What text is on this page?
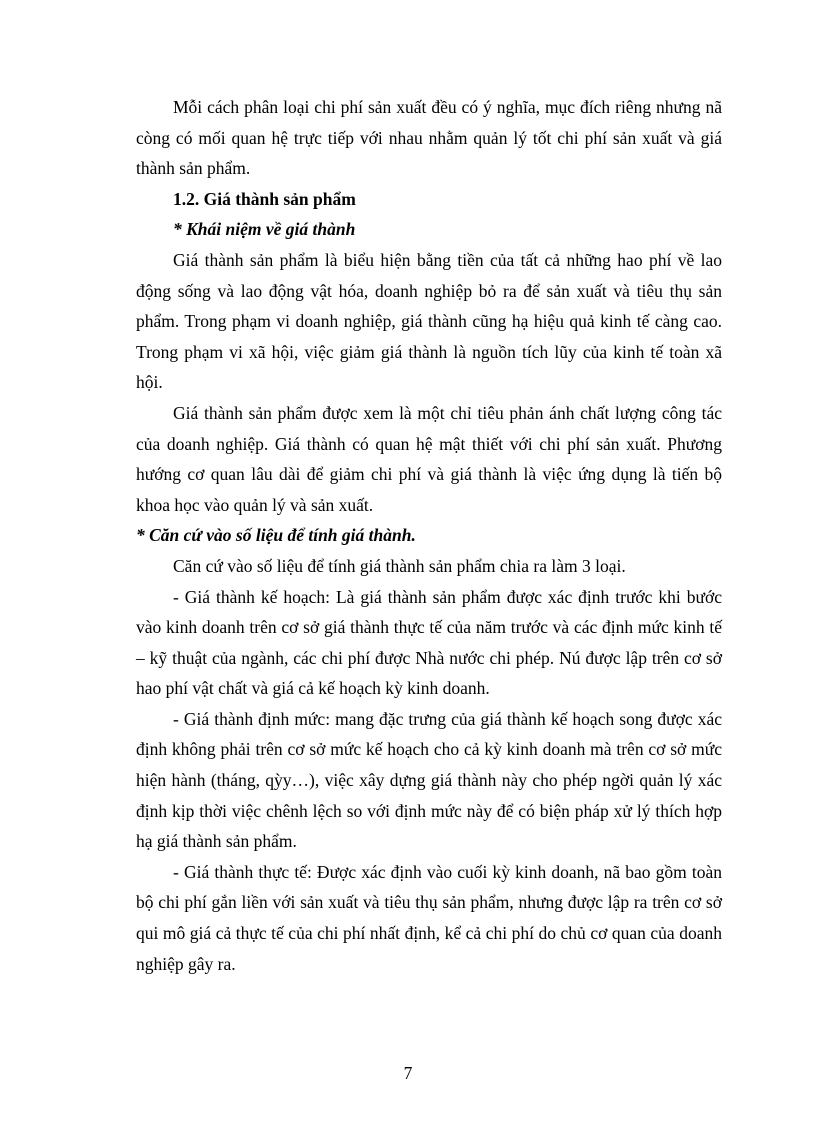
Mỗi cách phân loại chi phí sản xuất đều có ý nghĩa, mục đích riêng nhưng nã còng có mối quan hệ trực tiếp với nhau nhằm quản lý tốt chi phí sản xuất và giá thành sản phẩm.

1.2. Giá thành sản phẩm

* Khái niệm về giá thành

Giá thành sản phẩm là biểu hiện bằng tiền của tất cả những hao phí về lao động sống và lao động vật hóa, doanh nghiệp bỏ ra để sản xuất và tiêu thụ sản phẩm. Trong phạm vi doanh nghiệp, giá thành cũng hạ hiệu quả kinh tế càng cao. Trong phạm vi xã hội, việc giảm giá thành là nguồn tích lũy của kinh tế toàn xã hội.

Giá thành sản phẩm được xem là một chỉ tiêu phản ánh chất lượng công tác của doanh nghiệp. Giá thành có quan hệ mật thiết với chi phí sản xuất. Phương hướng cơ quan lâu dài để giảm chi phí và giá thành là việc ứng dụng là tiến bộ khoa học vào quản lý và sản xuất.

* Căn cứ vào số liệu để tính giá thành.

Căn cứ vào số liệu để tính giá thành sản phẩm chia ra làm 3 loại.

- Giá thành kế hoạch: Là giá thành sản phẩm được xác định trước khi bước vào kinh doanh trên cơ sở giá thành thực tế của năm trước và các định mức kinh tế – kỹ thuật của ngành, các chi phí được Nhà nước chi phép. Nú được lập trên cơ sở hao phí vật chất và giá cả kế hoạch kỳ kinh doanh.

- Giá thành định mức: mang đặc trưng của giá thành kế hoạch song được xác định không phải trên cơ sở mức kế hoạch cho cả kỳ kinh doanh mà trên cơ sở mức hiện hành (tháng, qỳy…), việc xây dựng giá thành này cho phép ngời quản lý xác định kịp thời việc chênh lệch so với định mức này để có biện pháp xử lý thích hợp hạ giá thành sản phẩm.

- Giá thành thực tế: Được xác định vào cuối kỳ kinh doanh, nã bao gồm toàn bộ chi phí gắn liền với sản xuất và tiêu thụ sản phẩm, nhưng được lập ra trên cơ sở qui mô giá cả thực tế của chi phí nhất định, kể cả chi phí do chủ cơ quan của doanh nghiệp gây ra.

7
